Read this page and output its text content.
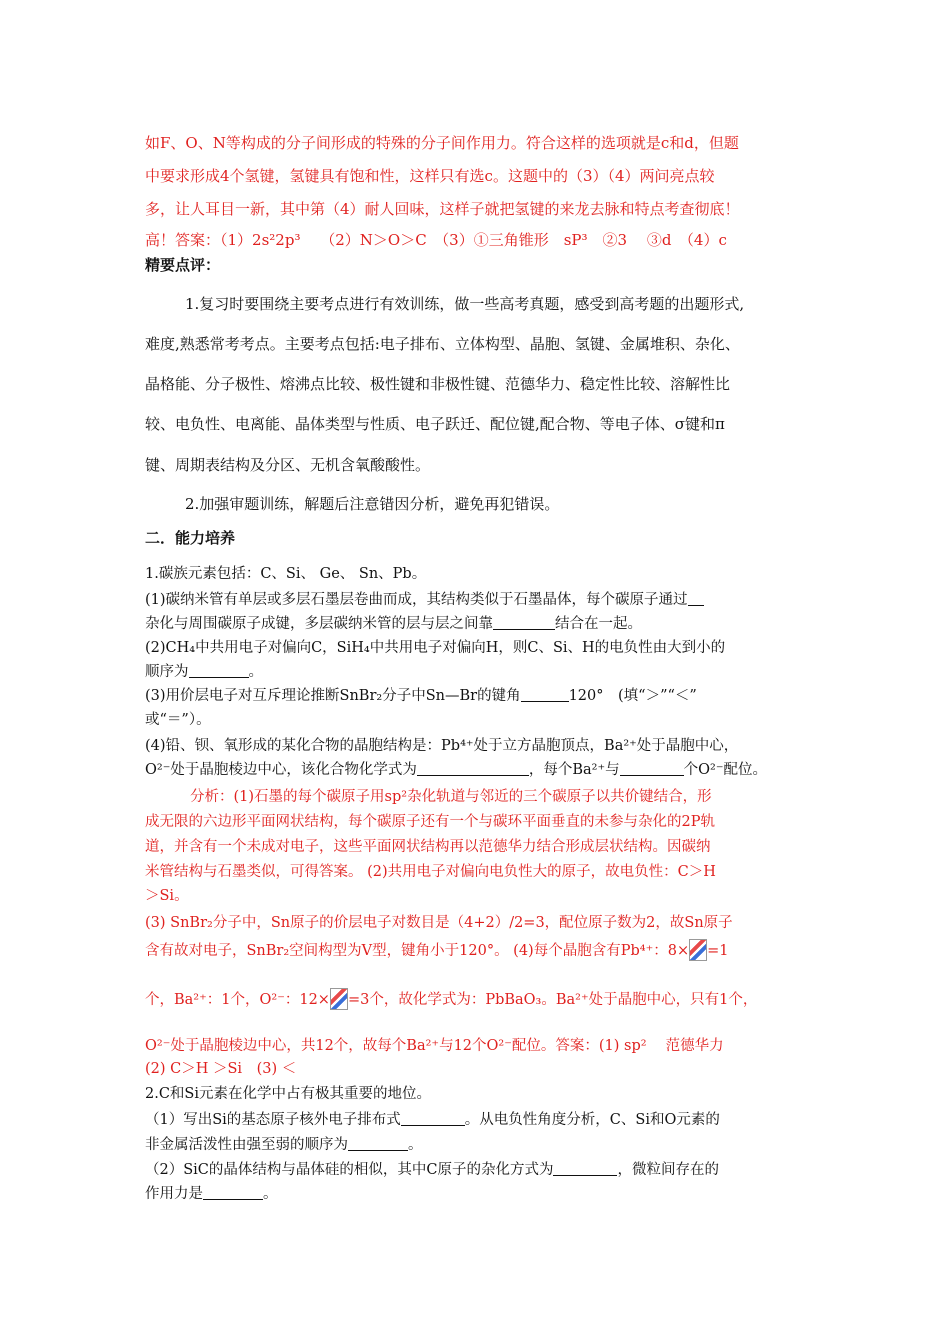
如F、O、N等构成的分子间形成的特殊的分子间作用力。符合这样的选项就是c和d，但题
中要求形成4个氢键，氢键具有饱和性，这样只有选c。这题中的（3）（4）两问亮点较
多，让人耳目一新，其中第（4）耐人回味，这样子就把氢键的来龙去脉和特点考查彻底！
高！答案：（1）2s²2p³　 （2）N＞O＞C　（3）①三角锥形　sP³　②3　 ③d　（4）c
精要点评：
1.复习时要围绕主要考点进行有效训练，做一些高考真题，感受到高考题的出题形式,
难度,熟悉常考考点。主要考点包括:电子排布、立体构型、晶胞、氢键、金属堆积、杂化、
晶格能、分子极性、熔沸点比较、极性键和非极性键、范德华力、稳定性比较、溶解性比
较、电负性、电离能、晶体类型与性质、电子跃迁、配位键,配合物、等电子体、σ键和π
键、周期表结构及分区、无机含氧酸酸性。
2.加强审题训练，解题后注意错因分析，避免再犯错误。
二．能力培养
1.碳族元素包括：C、Si、 Ge、 Sn、Pb。
(1)碳纳米管有单层或多层石墨层卷曲而成，其结构类似于石墨晶体，每个碳原子通过
杂化与周围碳原子成键，多层碳纳米管的层与层之间靠	结合在一起。
(2)CH₄中共用电子对偏向C，SiH₄中共用电子对偏向H，则C、Si、H的电负性由大到小的
顺序为	。
(3)用价层电子对互斥理论推断SnBr₂分子中Sn—Br的键角	120°　(填“＞”“＜”
或“＝”）。
(4)铅、钡、氧形成的某化合物的晶胞结构是：Pb⁴⁺处于立方晶胞顶点，Ba²⁺处于晶胞中心，
O²⁻处于晶胞棱边中心，该化合物化学式为	，每个Ba²⁺与	个O²⁻配位。
分析：(1)石墨的每个碳原子用sp²杂化轨道与邻近的三个碳原子以共价键结合，形
成无限的六边形平面网状结构，每个碳原子还有一个与碳环平面垂直的未参与杂化的2P轨
道，并含有一个未成对电子，这些平面网状结构再以范德华力结合形成层状结构。因碳纳
米管结构与石墨类似，可得答案。 (2)共用电子对偏向电负性大的原子，故电负性：C＞H
＞Si。
(3) SnBr₂分子中，Sn原子的价层电子对数目是（4+2）/2=3，配位原子数为2，故Sn原子
含有故对电子，SnBr₂空间构型为V型，键角小于120°。 (4)每个晶胞含有Pb⁴⁺：8× =1
个，Ba²⁺：1个，O²⁻：12× =3个，故化学式为：PbBaO₃。Ba²⁺处于晶胞中心，只有1个，
O²⁻处于晶胞棱边中心，共12个，故每个Ba²⁺与12个O²⁻配位。答案：(1) sp²　 范德华力
(2) C＞H ＞Si　(3) ＜
2.C和Si元素在化学中占有极其重要的地位。
（1）写出Si的基态原子核外电子排布式	。从电负性角度分析，C、Si和O元素的
非金属活泼性由强至弱的顺序为	。
（2）SiC的晶体结构与晶体硅的相似，其中C原子的杂化方式为	，微粒间存在的
作用力是	。
